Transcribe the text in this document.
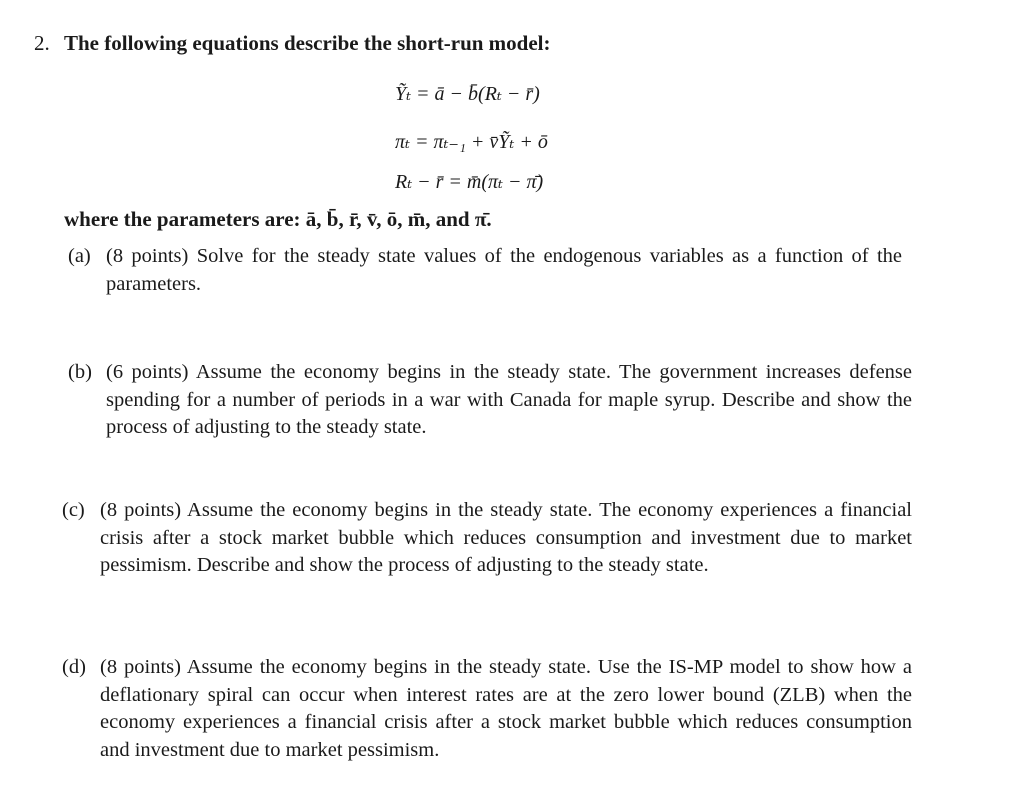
2. The following equations describe the short-run model:
Ỹₜ = ā − b̄(Rₜ − r̄)
πₜ = πₜ₋₁ + v̄Ỹₜ + ō
Rₜ − r̄ = m̄(πₜ − π̄)
where the parameters are: ā, b̄, r̄, v̄, ō, m̄, and π̄.
(a) (8 points) Solve for the steady state values of the endogenous variables as a function of the parameters.
(b) (6 points) Assume the economy begins in the steady state. The government increases defense spending for a number of periods in a war with Canada for maple syrup. Describe and show the process of adjusting to the steady state.
(c) (8 points) Assume the economy begins in the steady state. The economy experiences a financial crisis after a stock market bubble which reduces consumption and investment due to market pessimism. Describe and show the process of adjusting to the steady state.
(d) (8 points) Assume the economy begins in the steady state. Use the IS-MP model to show how a deflationary spiral can occur when interest rates are at the zero lower bound (ZLB) when the economy experiences a financial crisis after a stock market bubble which reduces consumption and investment due to market pessimism.
